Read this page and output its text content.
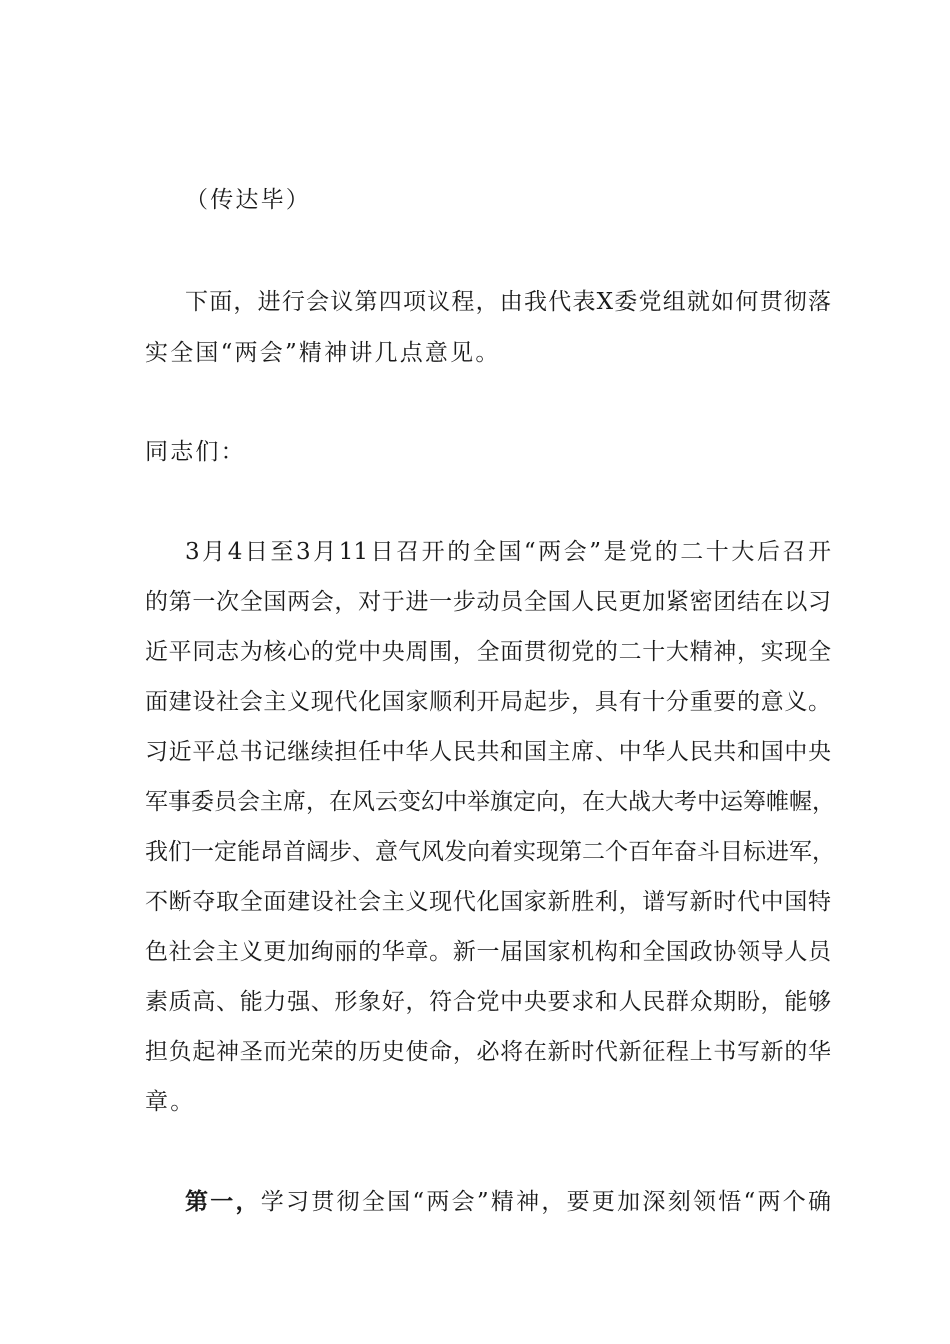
（传达毕）
下面，进行会议第四项议程，由我代表X委党组就如何贯彻落
实全国“两会”精神讲几点意见。
同志们：
3月4日至3月11日召开的全国“两会”是党的二十大后召开
的第一次全国两会，对于进一步动员全国人民更加紧密团结在以习
近平同志为核心的党中央周围，全面贯彻党的二十大精神，实现全
面建设社会主义现代化国家顺利开局起步，具有十分重要的意义。
习近平总书记继续担任中华人民共和国主席、中华人民共和国中央
军事委员会主席，在风云变幻中举旗定向，在大战大考中运筹帷幄，
我们一定能昂首阔步、意气风发向着实现第二个百年奋斗目标进军，
不断夺取全面建设社会主义现代化国家新胜利，谱写新时代中国特
色社会主义更加绚丽的华章。新一届国家机构和全国政协领导人员
素质高、能力强、形象好，符合党中央要求和人民群众期盼，能够
担负起神圣而光荣的历史使命，必将在新时代新征程上书写新的华
章。
第一，学习贯彻全国“两会”精神，要更加深刻领悟“两个确
